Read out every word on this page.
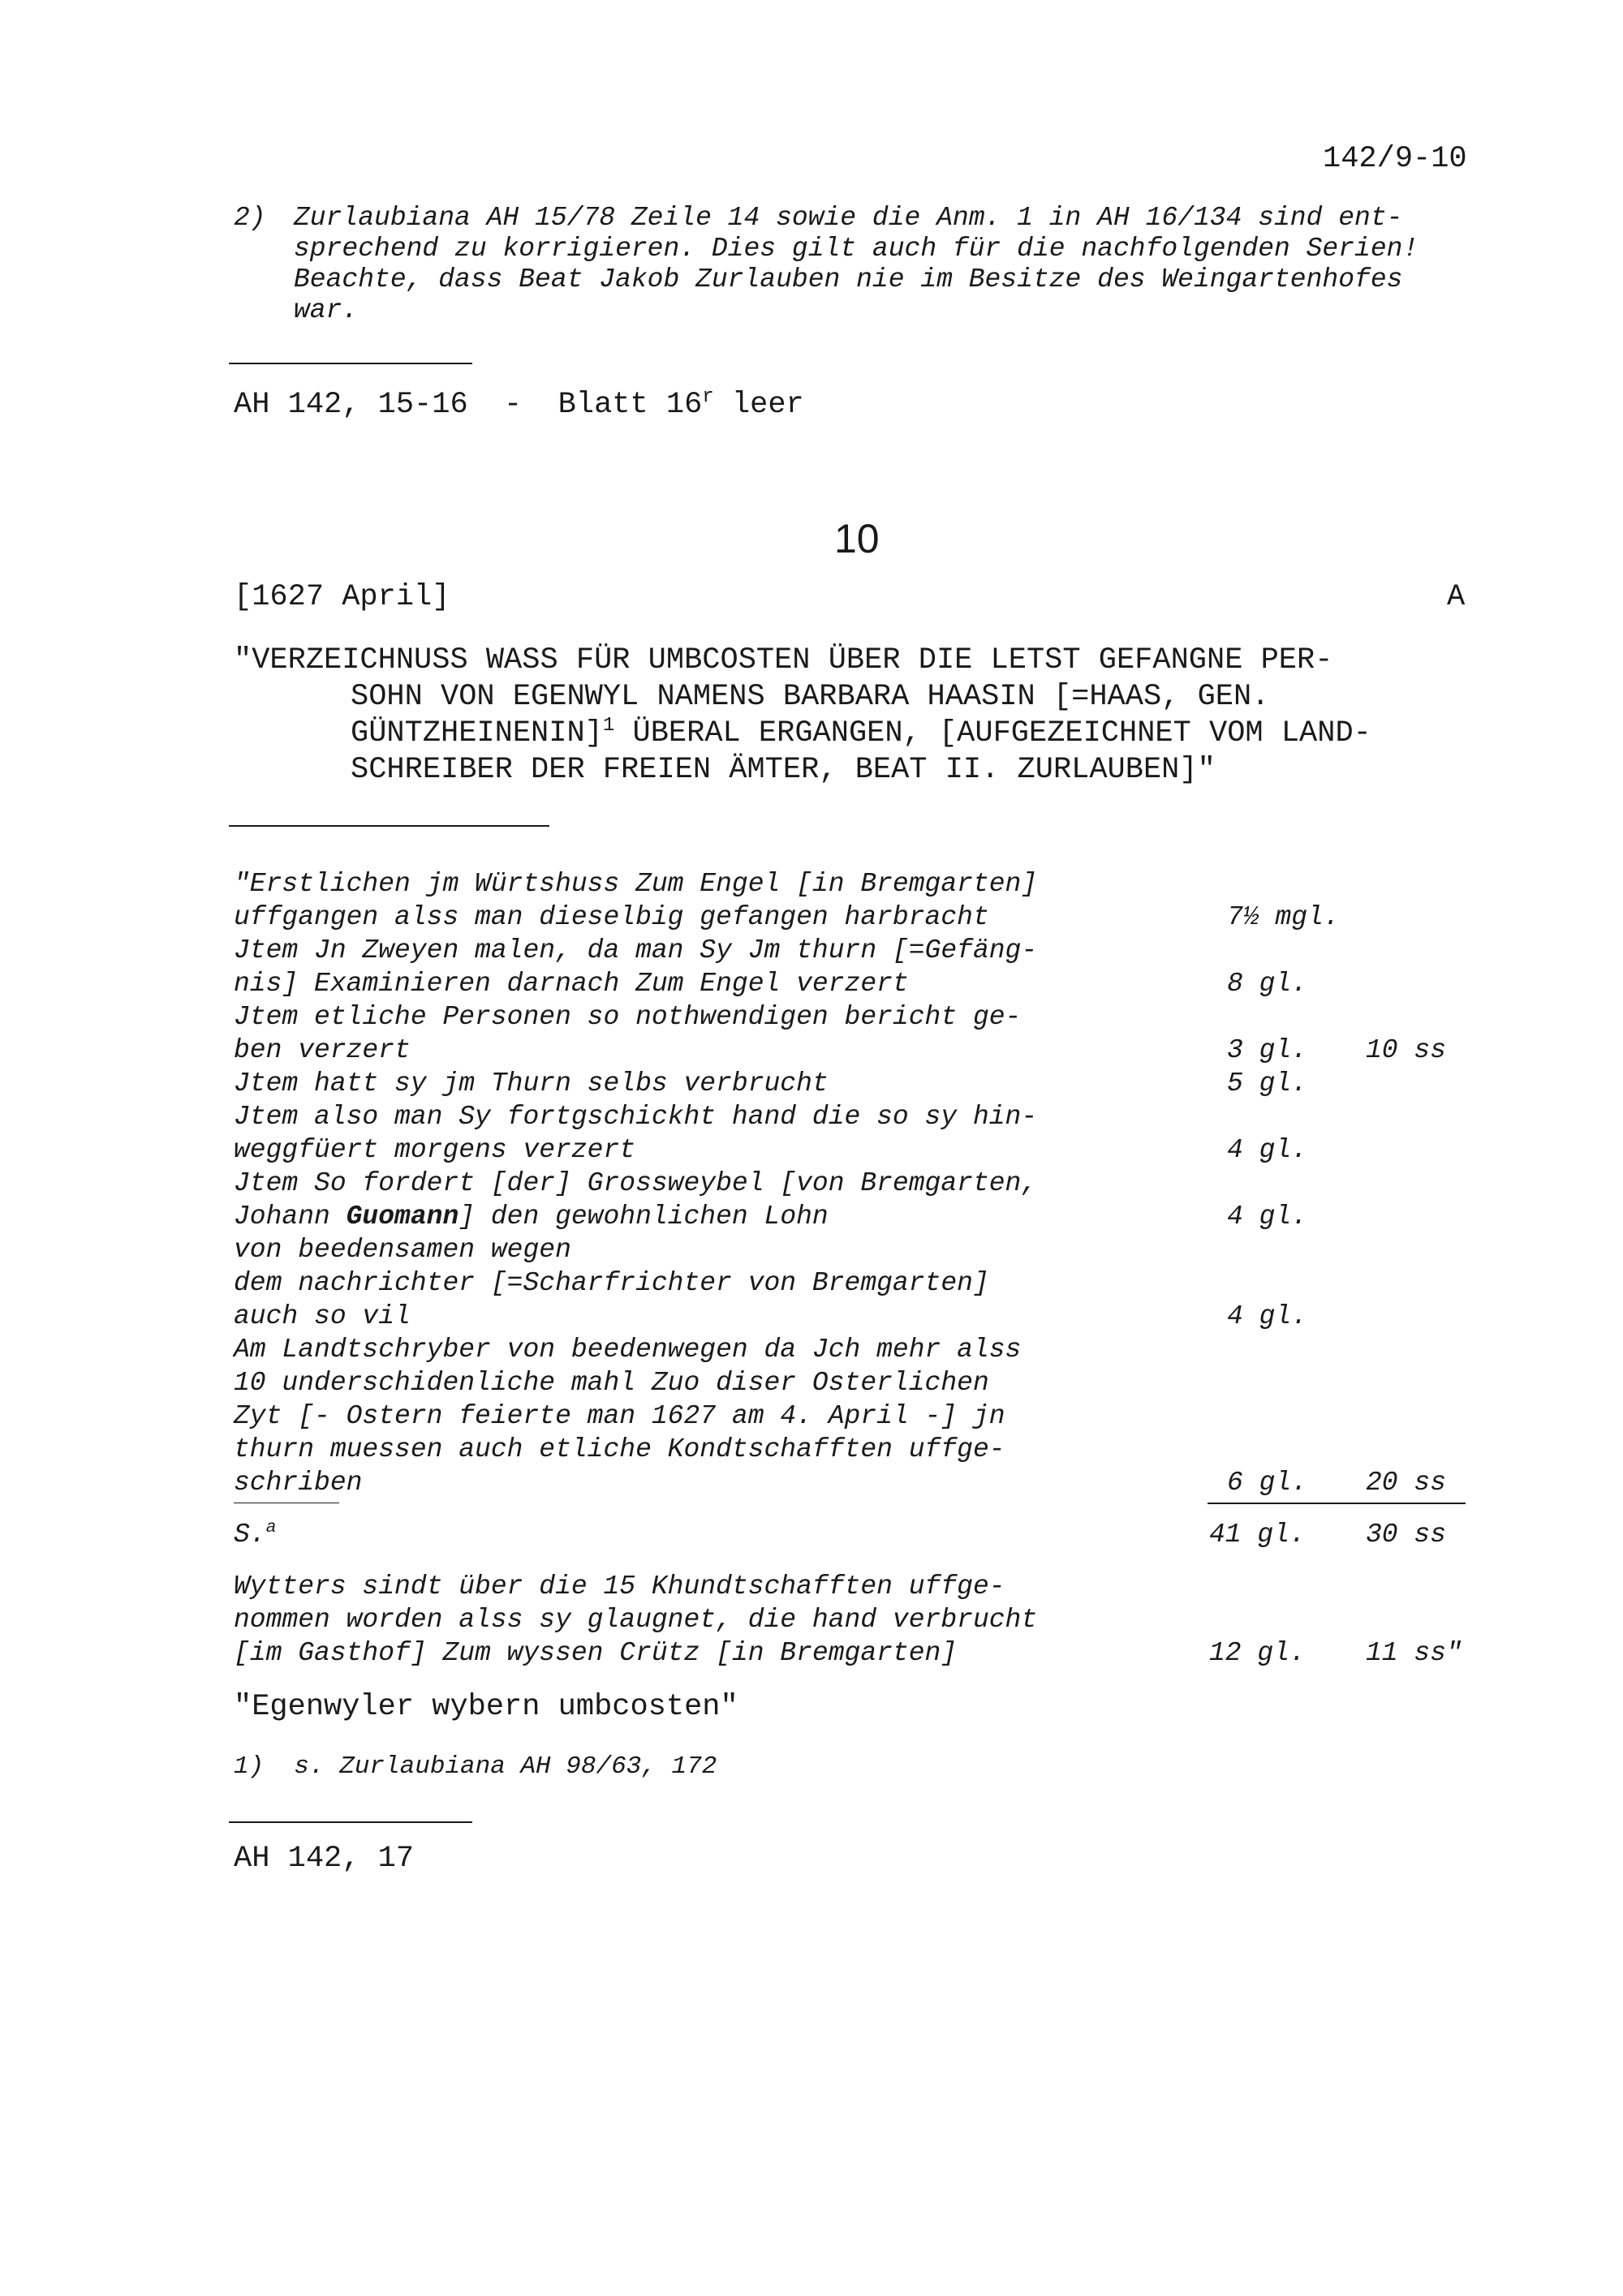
142/9-10
2) Zurlaubiana AH 15/78 Zeile 14 sowie die Anm. 1 in AH 16/134 sind ent-
sprechend zu korrigieren. Dies gilt auch für die nachfolgenden Serien!
Beachte, dass Beat Jakob Zurlauben nie im Besitze des Weingartenhofes
war.
AH 142, 15-16  -  Blatt 16$^r$ leer
10
[1627 April]	A
"VERZEICHNUSS WASS FÜR UMBCOSTEN ÜBER DIE LETST GEFANGNE PER-
SOHN VON EGENWYL NAMENS BARBARA HAASIN [=HAAS, GEN.
GÜNTZHEINENIN]$^1$ ÜBERAL ERGANGEN, [AUFGEZEICHNET VOM LAND-
SCHREIBER DER FREIEN ÄMTER, BEAT II. ZURLAUBEN]"
"Erstlichen jm Würtshuss Zum Engel [in Bremgarten]
uffgangen alss man dieselbig gefangen harbracht	7½ mgl.
Jtem Jn Zweyen malen, da man Sy Jm thurn [=Gefäng-
nis] Examinieren darnach Zum Engel verzert	8 gl.
Jtem etliche Personen so nothwendigen bericht ge-
ben verzert	3 gl. 10 ss
Jtem hatt sy jm Thurn selbs verbrucht	5 gl.
Jtem also man Sy fortgschickht hand die so sy hin-
weggfüert morgens verzert	4 gl.
Jtem So fordert [der] Grossweybel [von Bremgarten,
Johann Guomann] den gewohnlichen Lohn	4 gl.
von beedensamen wegen
dem nachrichter [=Scharfrichter von Bremgarten]
auch so vil	4 gl.
Am Landtschryber von beedenwegen da Jch mehr alss
10 underschidenliche mahl Zuo diser Osterlichen
Zyt [- Ostern feierte man 1627 am 4. April -] jn
thurn muessen auch etliche Kondtschafften uffge-
schriben	6 gl. 20 ss
S.$^a$	41 gl. 30 ss
Wytters sindt über die 15 Khundtschafften uffge-
nommen worden alss sy glaugnet, die hand verbrucht
[im Gasthof] Zum wyssen Crütz [in Bremgarten]	12 gl. 11 ss"
"Egenwyler wybern umbcosten"
1)  s. Zurlaubiana AH 98/63, 172
AH 142, 17
